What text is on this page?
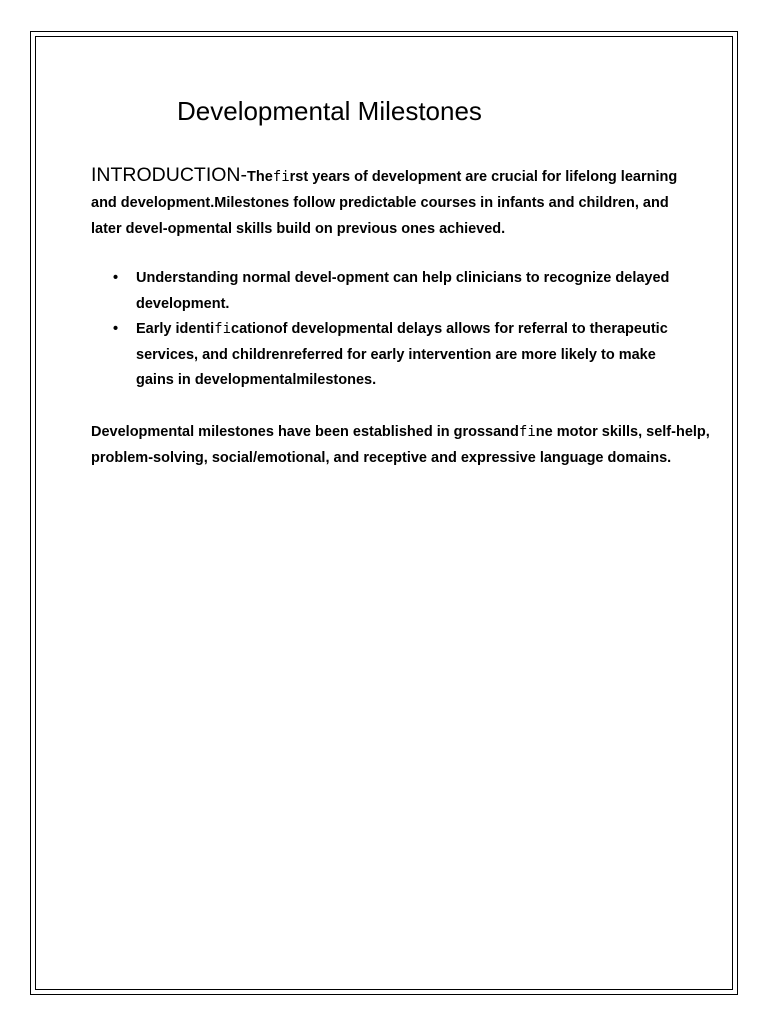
Developmental Milestones
INTRODUCTION-Thefirst years of development are crucial for lifelong learning and development.Milestones follow predictable courses in infants and children, and later devel-opmental skills build on previous ones achieved.
• Understanding normal devel-opment can help clinicians to recognize delayed development.
• Early identificationof developmental delays allows for referral to therapeutic services, and childrenreferred for early intervention are more likely to make gains in developmentalmilestones.
Developmental milestones have been established in grossandfine motor skills, self-help, problem-solving, social/emotional, and receptive and expressive language domains.
